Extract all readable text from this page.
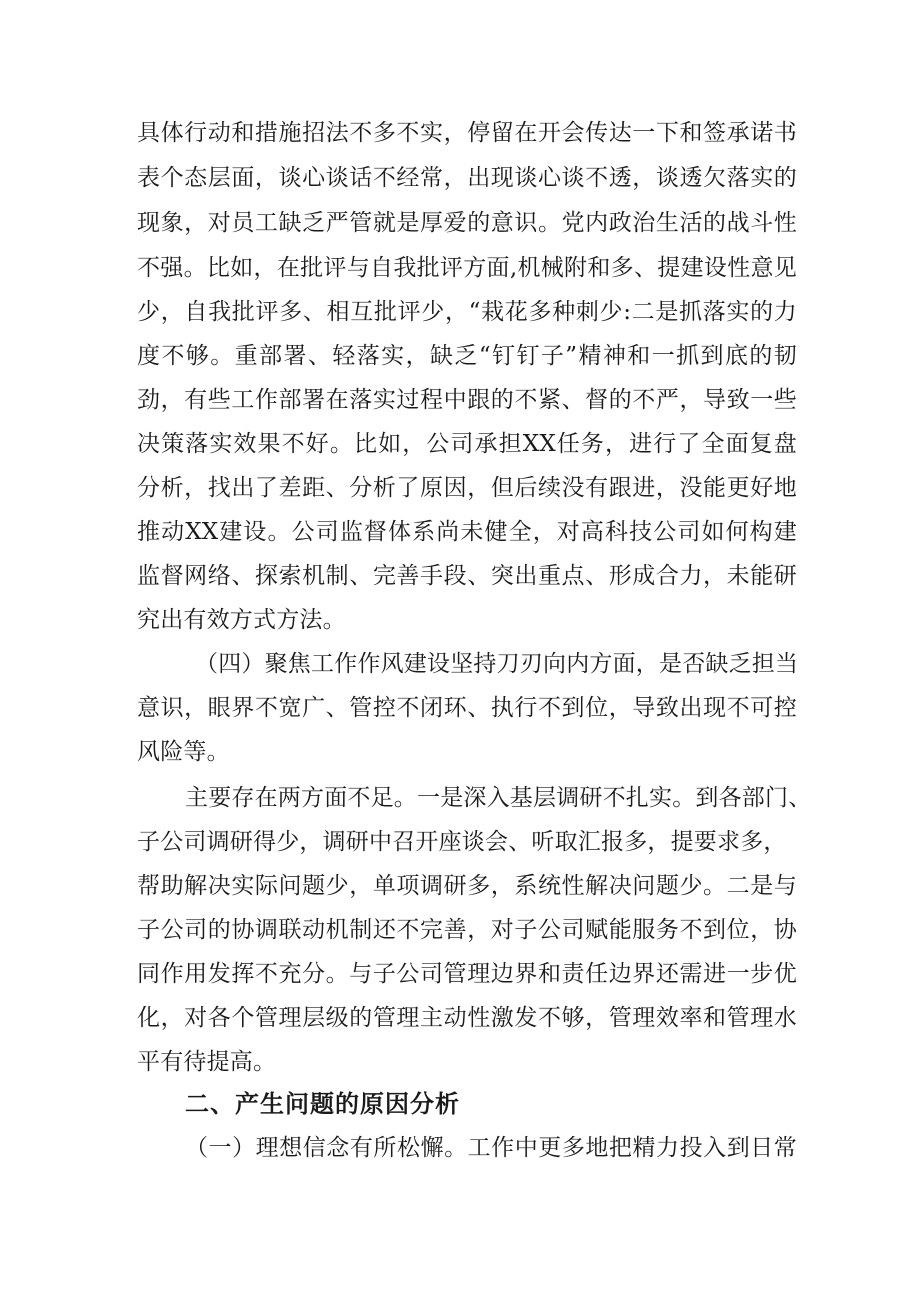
具体行动和措施招法不多不实，停留在开会传达一下和签承诺书
表个态层面，谈心谈话不经常，出现谈心谈不透，谈透欠落实的
现象，对员工缺乏严管就是厚爱的意识。党内政治生活的战斗性
不强。比如，在批评与自我批评方面,机械附和多、提建设性意见
少，自我批评多、相互批评少，“栽花多种刺少:二是抓落实的力
度不够。重部署、轻落实，缺乏“钉钉子”精神和一抓到底的韧
劲，有些工作部署在落实过程中跟的不紧、督的不严，导致一些
决策落实效果不好。比如，公司承担XX任务，进行了全面复盘
分析，找出了差距、分析了原因，但后续没有跟进，没能更好地
推动XX建设。公司监督体系尚未健全，对高科技公司如何构建
监督网络、探索机制、完善手段、突出重点、形成合力，未能研
究出有效方式方法。
（四）聚焦工作作风建设坚持刀刃向内方面，是否缺乏担当
意识，眼界不宽广、管控不闭环、执行不到位，导致出现不可控
风险等。
主要存在两方面不足。一是深入基层调研不扎实。到各部门、
子公司调研得少，调研中召开座谈会、听取汇报多，提要求多，
帮助解决实际问题少，单项调研多，系统性解决问题少。二是与
子公司的协调联动机制还不完善，对子公司赋能服务不到位，协
同作用发挥不充分。与子公司管理边界和责任边界还需进一步优
化，对各个管理层级的管理主动性激发不够，管理效率和管理水
平有待提高。
二、产生问题的原因分析
（一）理想信念有所松懈。工作中更多地把精力投入到日常
